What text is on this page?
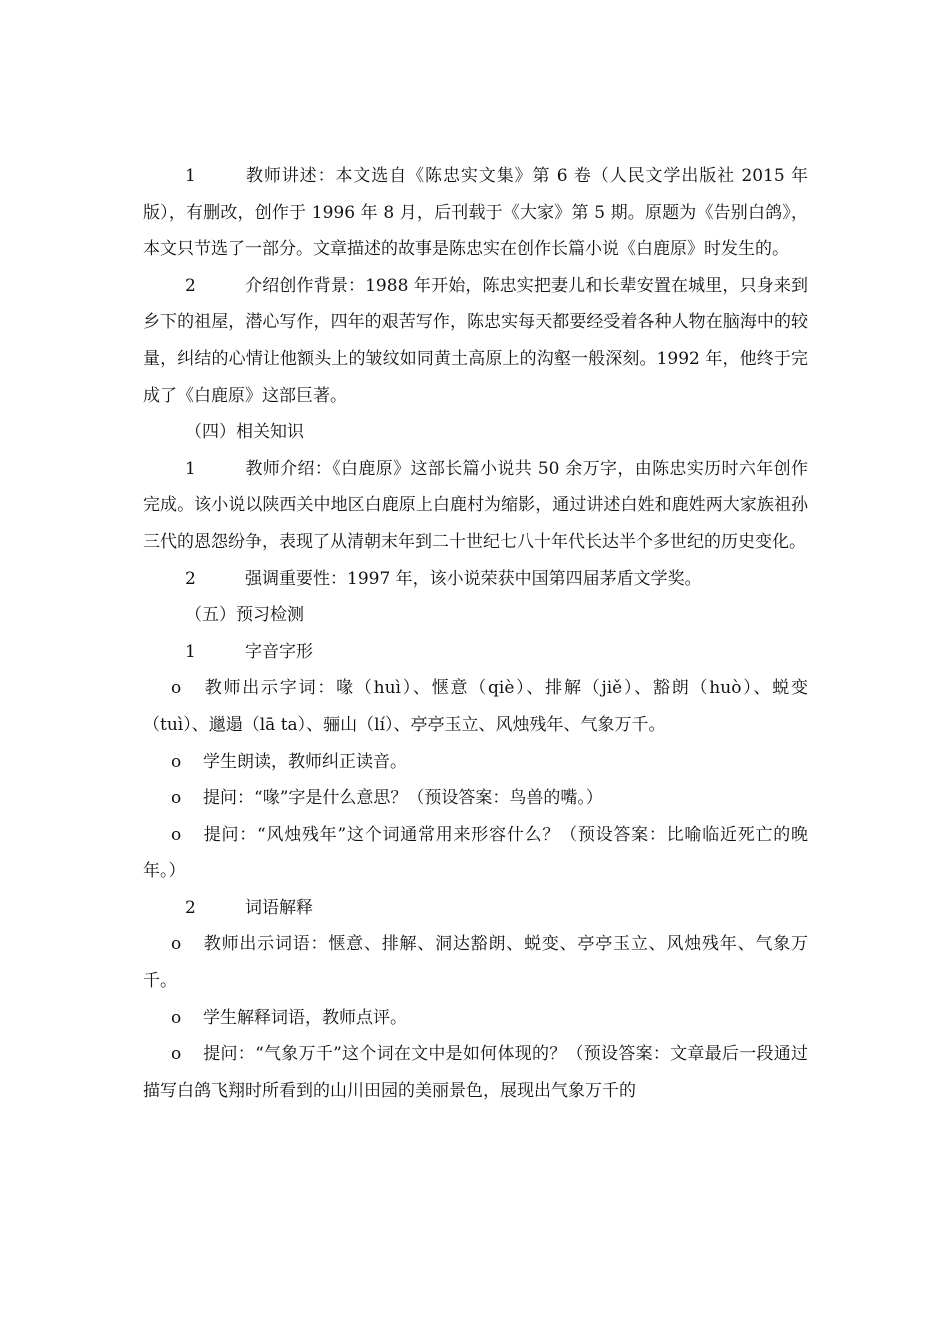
1	教师讲述：本文选自《陈忠实文集》第 6 卷（人民文学出版社 2015 年版），有删改，创作于 1996 年 8 月，后刊载于《大家》第 5 期。原题为《告别白鸽》，本文只节选了一部分。文章描述的故事是陈忠实在创作长篇小说《白鹿原》时发生的。

2	介绍创作背景：1988 年开始，陈忠实把妻儿和长辈安置在城里，只身来到乡下的祖屋，潜心写作，四年的艰苦写作，陈忠实每天都要经受着各种人物在脑海中的较量，纠结的心情让他额头上的皱纹如同黄土高原上的沟壑一般深刻。1992 年，他终于完成了《白鹿原》这部巨著。

（四）相关知识

1	教师介绍：《白鹿原》这部长篇小说共 50 余万字，由陈忠实历时六年创作完成。该小说以陕西关中地区白鹿原上白鹿村为缩影，通过讲述白姓和鹿姓两大家族祖孙三代的恩怨纷争，表现了从清朝末年到二十世纪七八十年代长达半个多世纪的历史变化。

2	强调重要性：1997 年，该小说荣获中国第四届茅盾文学奖。

（五）预习检测

1	字音字形

o 教师出示字词：喙（huì）、惬意（qiè）、排解（jiě）、豁朗（huò）、蜕变（tuì）、邋遢（lā ta）、骊山（lí）、亭亭玉立、风烛残年、气象万千。

o 学生朗读，教师纠正读音。

o 提问：“喙”字是什么意思？（预设答案：鸟兽的嘴。）

o 提问：“风烛残年”这个词通常用来形容什么？（预设答案：比喻临近死亡的晚年。）

2	词语解释

o 教师出示词语：惬意、排解、洞达豁朗、蜕变、亭亭玉立、风烛残年、气象万千。

o 学生解释词语，教师点评。

o 提问：“气象万千”这个词在文中是如何体现的？（预设答案：文章最后一段通过描写白鸽飞翔时所看到的山川田园的美丽景色，展现出气象万千的
